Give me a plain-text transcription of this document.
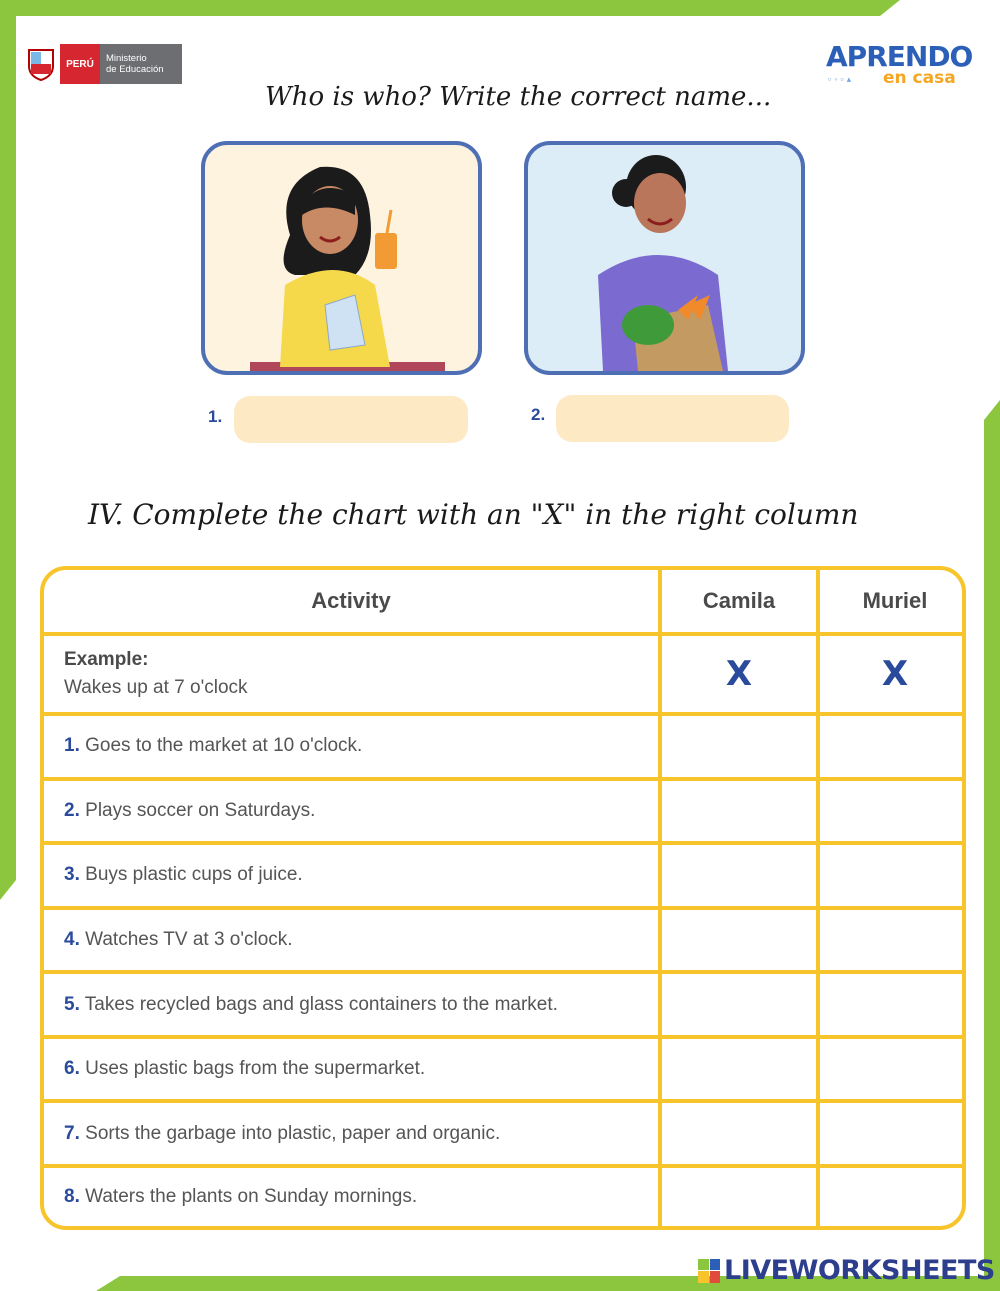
PERÚ	Ministerio
de Educación	APRENDO
▫◦▫▴ en casa
Who is who? Write the correct name...
1.	2.
IV. Complete the chart with an "X" in the right column
Activity	Camila	Muriel

Example:
Wakes up at 7 o'clock	X	X
1. Goes to the market at 10 o'clock.		
2. Plays soccer on Saturdays.		
3. Buys plastic cups of juice.		
4. Watches TV at 3 o'clock.		
5. Takes recycled bags and glass containers to the market.		
6. Uses plastic bags from the supermarket.		
7. Sorts the garbage into plastic, paper and organic.		
8. Waters the plants on Sunday mornings.		
LIVEWORKSHEETS
